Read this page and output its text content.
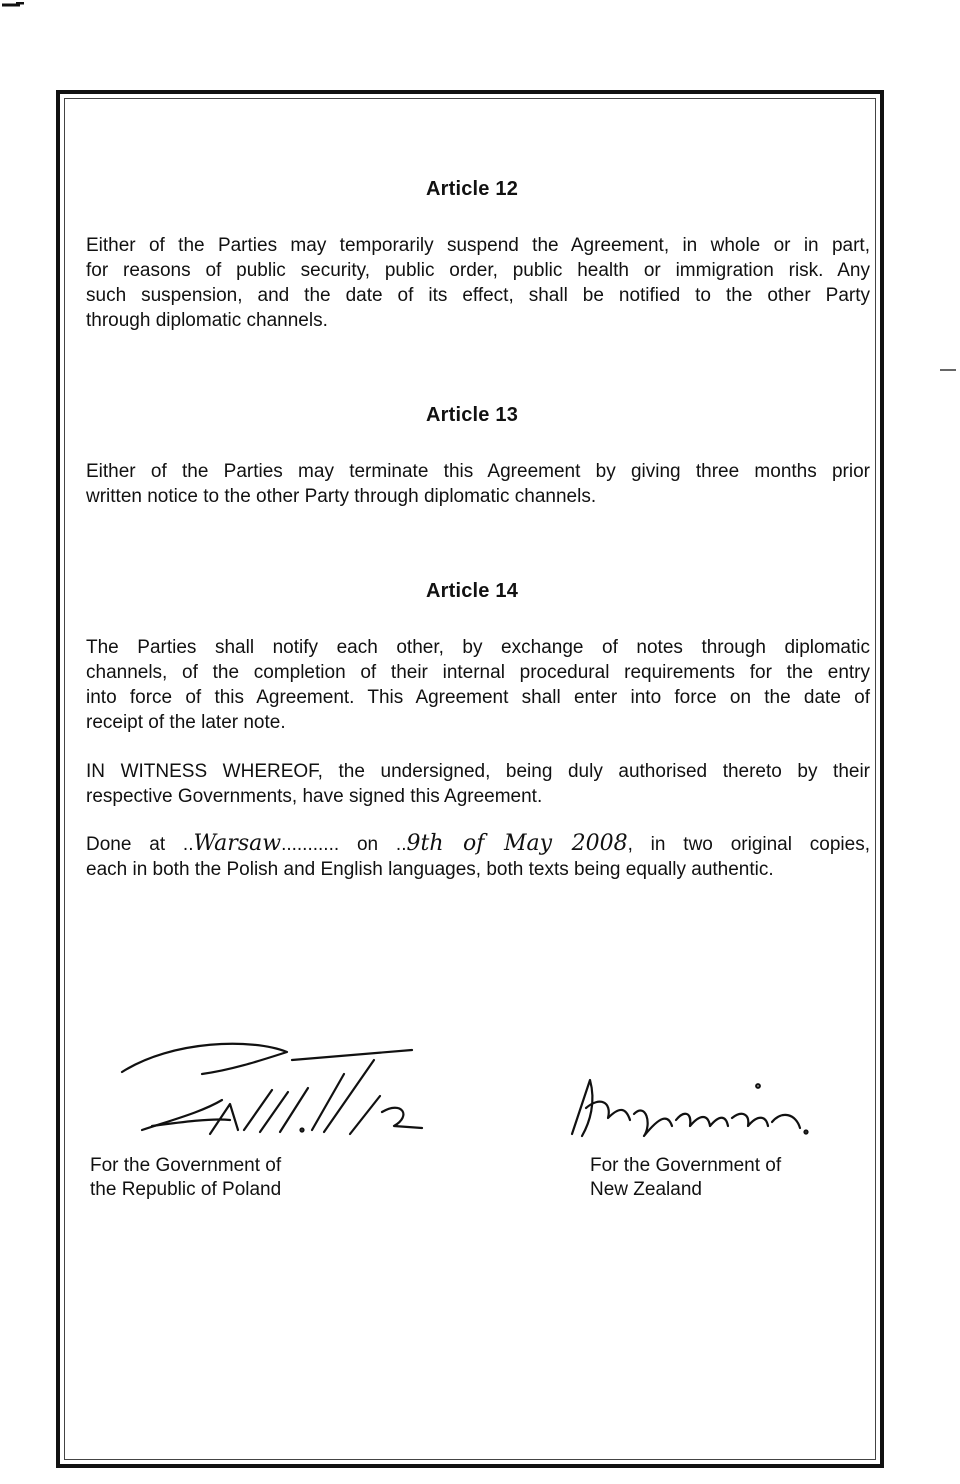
Article 12
Either of the Parties may temporarily suspend the Agreement, in whole or in part,
for reasons of public security, public order, public health or immigration risk. Any
such suspension, and the date of its effect, shall be notified to the other Party
through diplomatic channels.
Article 13
Either of the Parties may terminate this Agreement by giving three months prior
written notice to the other Party through diplomatic channels.
Article 14
The Parties shall notify each other, by exchange of notes through diplomatic
channels, of the completion of their internal procedural requirements for the entry
into force of this Agreement. This Agreement shall enter into force on the date of
receipt of the later note.
IN WITNESS WHEREOF, the undersigned, being duly authorised thereto by their
respective Governments, have signed this Agreement.
Done at ..Warsaw........... on ..9th of May 2008, in two original copies,
each in both the Polish and English languages, both texts being equally authentic.
For the Government of
the Republic of Poland
For the Government of
New Zealand
